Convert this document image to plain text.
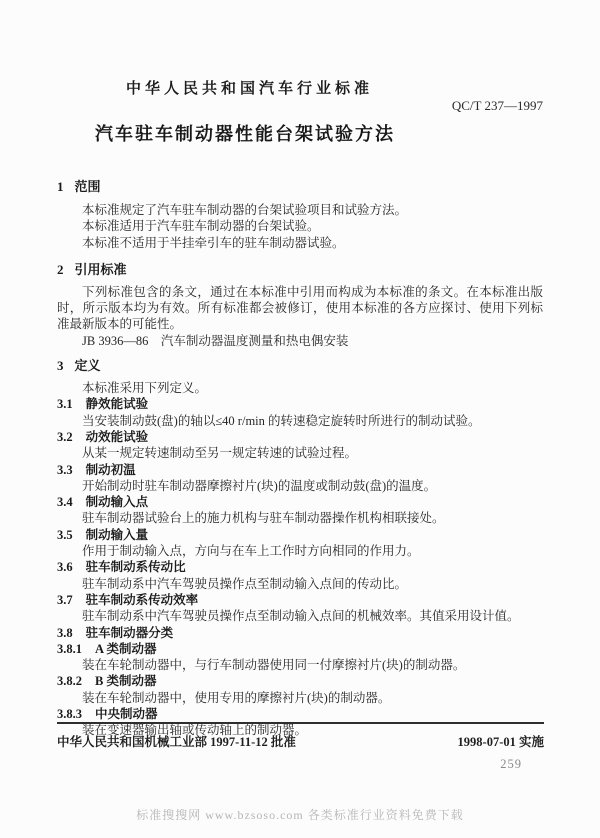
中华人民共和国汽车行业标准
QC/T 237—1997
汽车驻车制动器性能台架试验方法
1 范围

本标准规定了汽车驻车制动器的台架试验项目和试验方法。

本标准适用于汽车驻车制动器的台架试验。

本标准不适用于半挂牵引车的驻车制动器试验。

2 引用标准

下列标准包含的条文，通过在本标准中引用而构成为本标准的条文。在本标准出版时，所示版本均为有效。所有标准都会被修订，使用本标准的各方应探讨、使用下列标准最新版本的可能性。

JB 3936—86　汽车制动器温度测量和热电偶安装

3 定义

本标准采用下列定义。

3.1 静效能试验

当安装制动鼓(盘)的轴以≤40 r/min 的转速稳定旋转时所进行的制动试验。

3.2 动效能试验

从某一规定转速制动至另一规定转速的试验过程。

3.3 制动初温

开始制动时驻车制动器摩擦衬片(块)的温度或制动鼓(盘)的温度。

3.4 制动输入点

驻车制动器试验台上的施力机构与驻车制动器操作机构相联接处。

3.5 制动输入量

作用于制动输入点，方向与在车上工作时方向相同的作用力。

3.6 驻车制动系传动比

驻车制动系中汽车驾驶员操作点至制动输入点间的传动比。

3.7 驻车制动系传动效率

驻车制动系中汽车驾驶员操作点至制动输入点间的机械效率。其值采用设计值。

3.8 驻车制动器分类
3.8.1 A 类制动器

装在车轮制动器中，与行车制动器使用同一付摩擦衬片(块)的制动器。

3.8.2 B 类制动器

装在车轮制动器中，使用专用的摩擦衬片(块)的制动器。

3.8.3 中央制动器

装在变速器输出轴或传动轴上的制动器。

中华人民共和国机械工业部 1997-11-12 批准	1998-07-01 实施
259
标准搜搜网 www.bzsoso.com 各类标准行业资料免费下载
